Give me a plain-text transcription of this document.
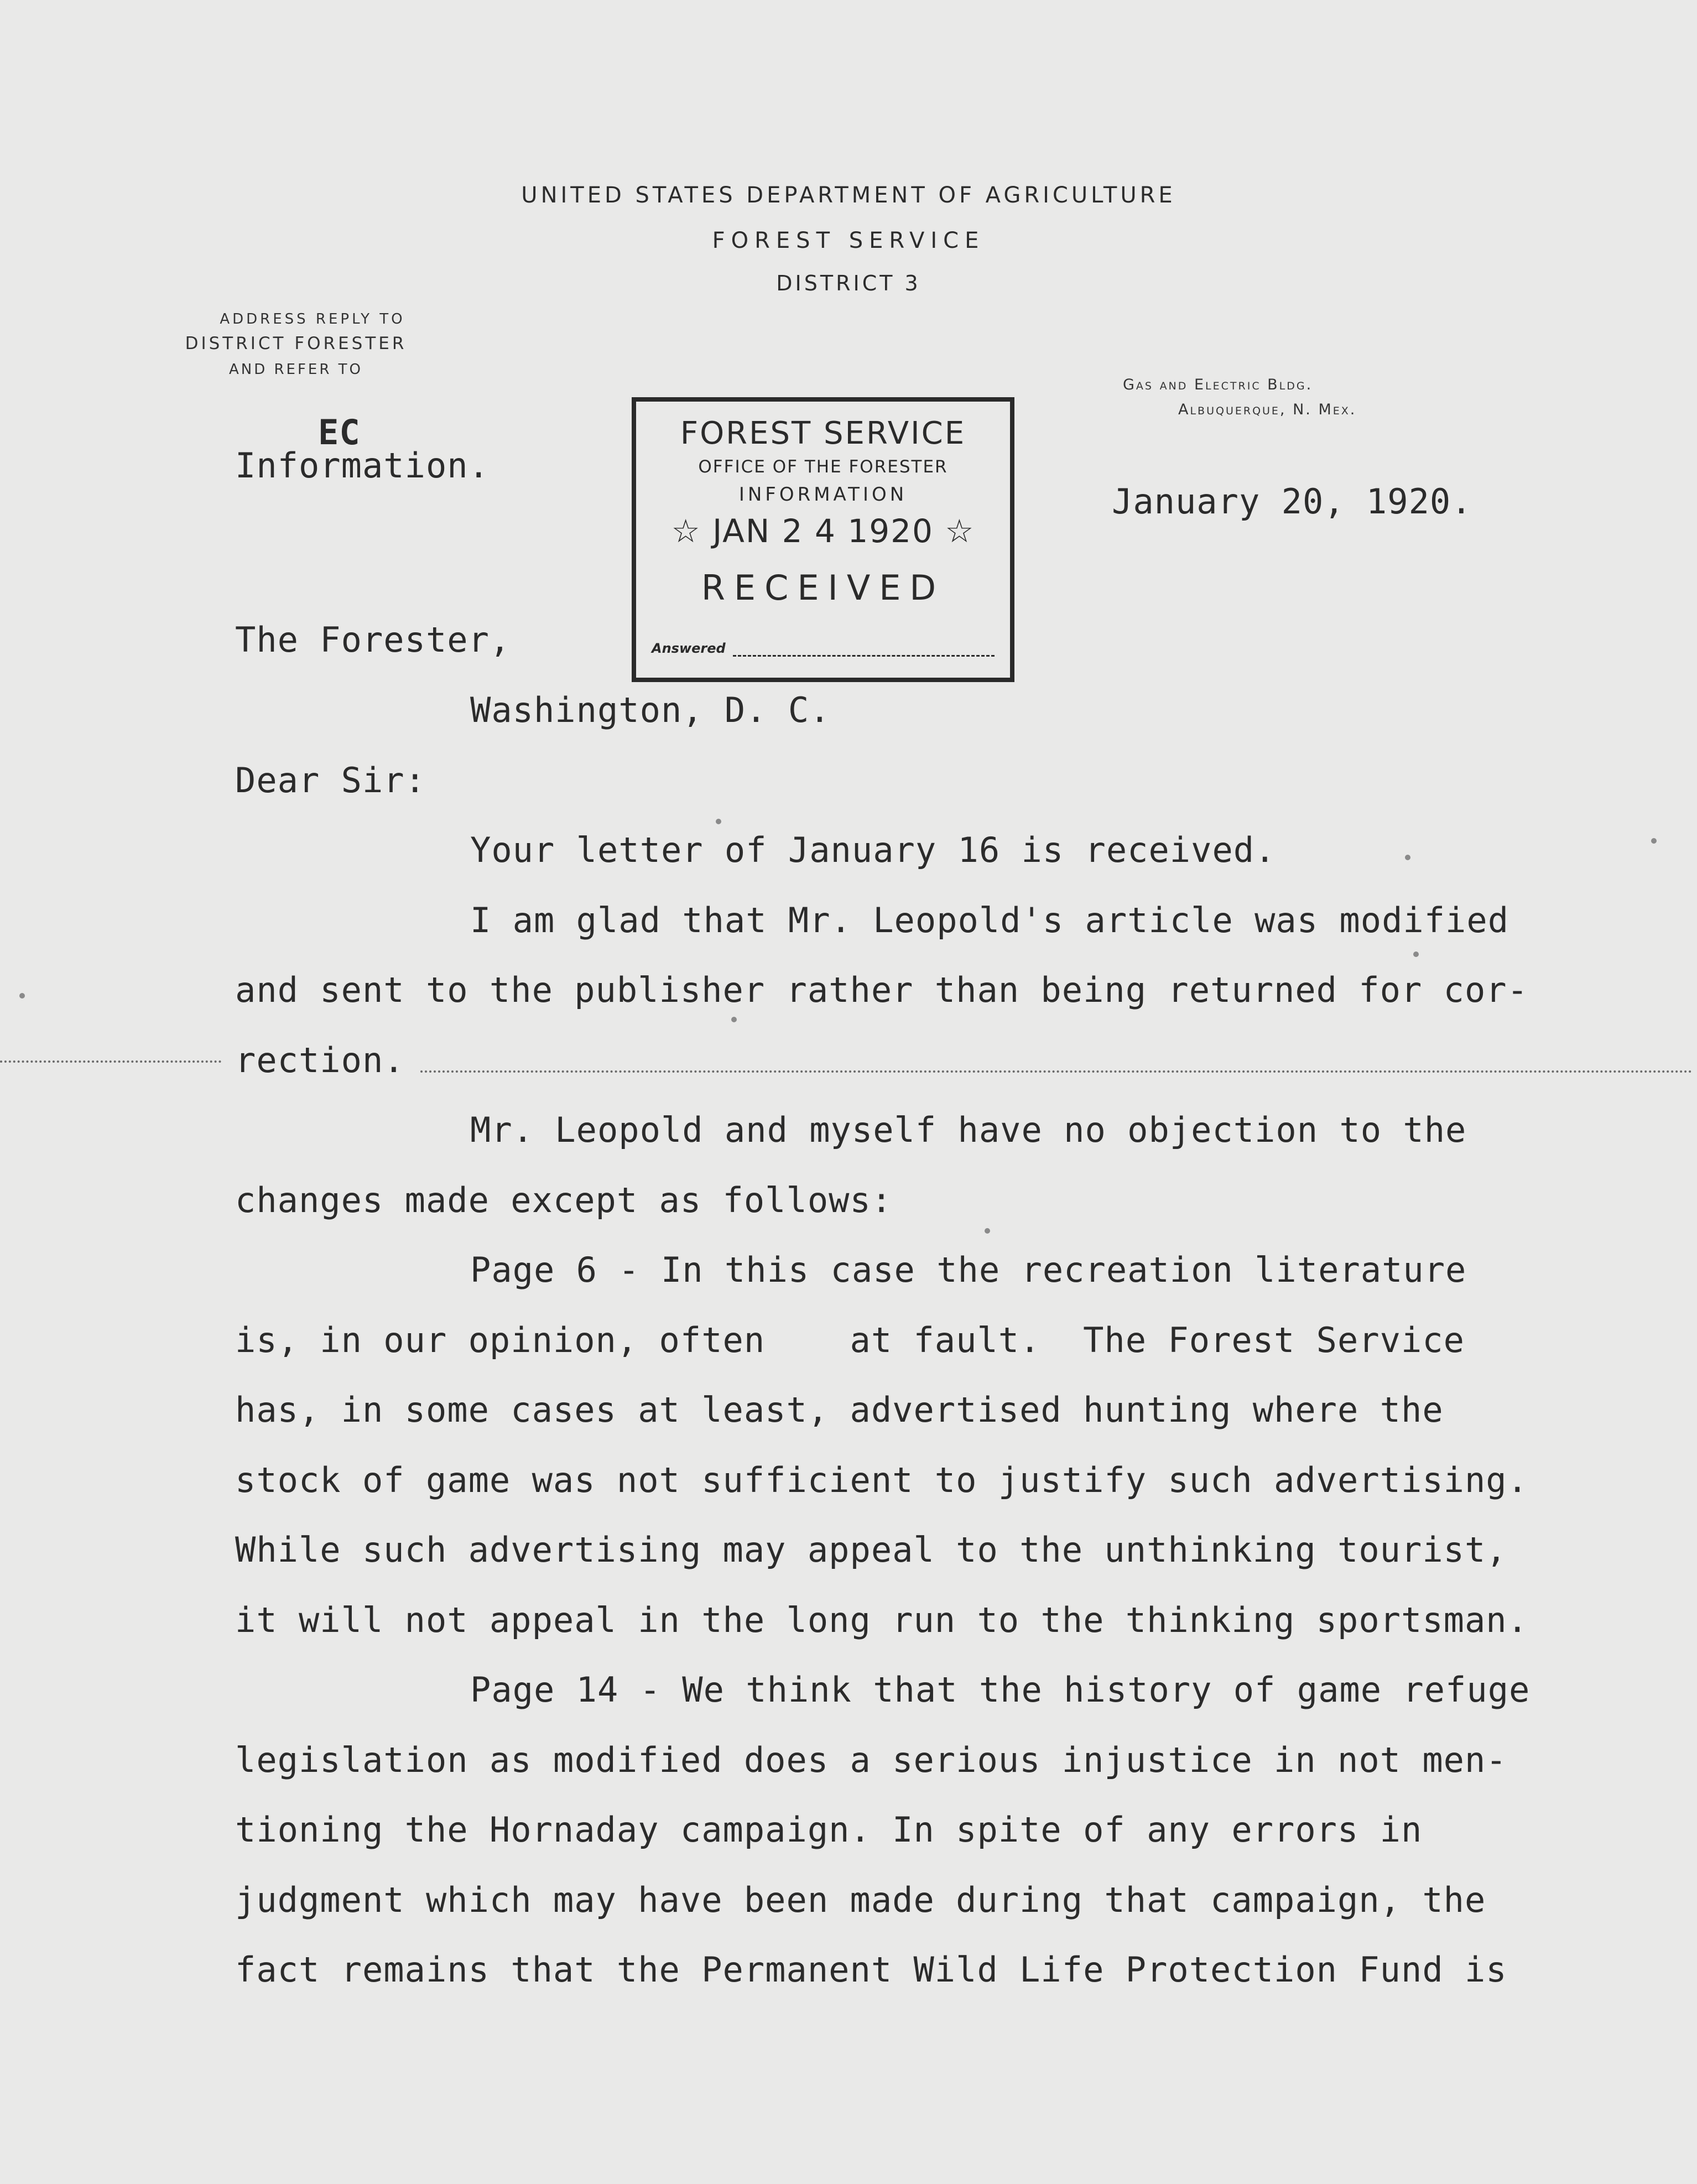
UNITED STATES DEPARTMENT OF AGRICULTURE
FOREST SERVICE
DISTRICT 3
ADDRESS REPLY TO
DISTRICT FORESTER
AND REFER TO
Gas and Electric Bldg.
Albuquerque, N. Mex.
EC
Information.
FOREST SERVICE
OFFICE OF THE FORESTER
INFORMATION
☆ JAN 2 4 1920 ☆
RECEIVED
Answered
January 20, 1920.
The Forester,
Washington, D. C.
Dear Sir:
Your letter of January 16 is received.
I am glad that Mr. Leopold's article was modified
and sent to the publisher rather than being returned for cor-
rection.
Mr. Leopold and myself have no objection to the
changes made except as follows:
Page 6 - In this case the recreation literature
is, in our opinion, often    at fault.  The Forest Service
has, in some cases at least, advertised hunting where the
stock of game was not sufficient to justify such advertising.
While such advertising may appeal to the unthinking tourist,
it will not appeal in the long run to the thinking sportsman.
Page 14 - We think that the history of game refuge
legislation as modified does a serious injustice in not men-
tioning the Hornaday campaign. In spite of any errors in
judgment which may have been made during that campaign, the
fact remains that the Permanent Wild Life Protection Fund is
